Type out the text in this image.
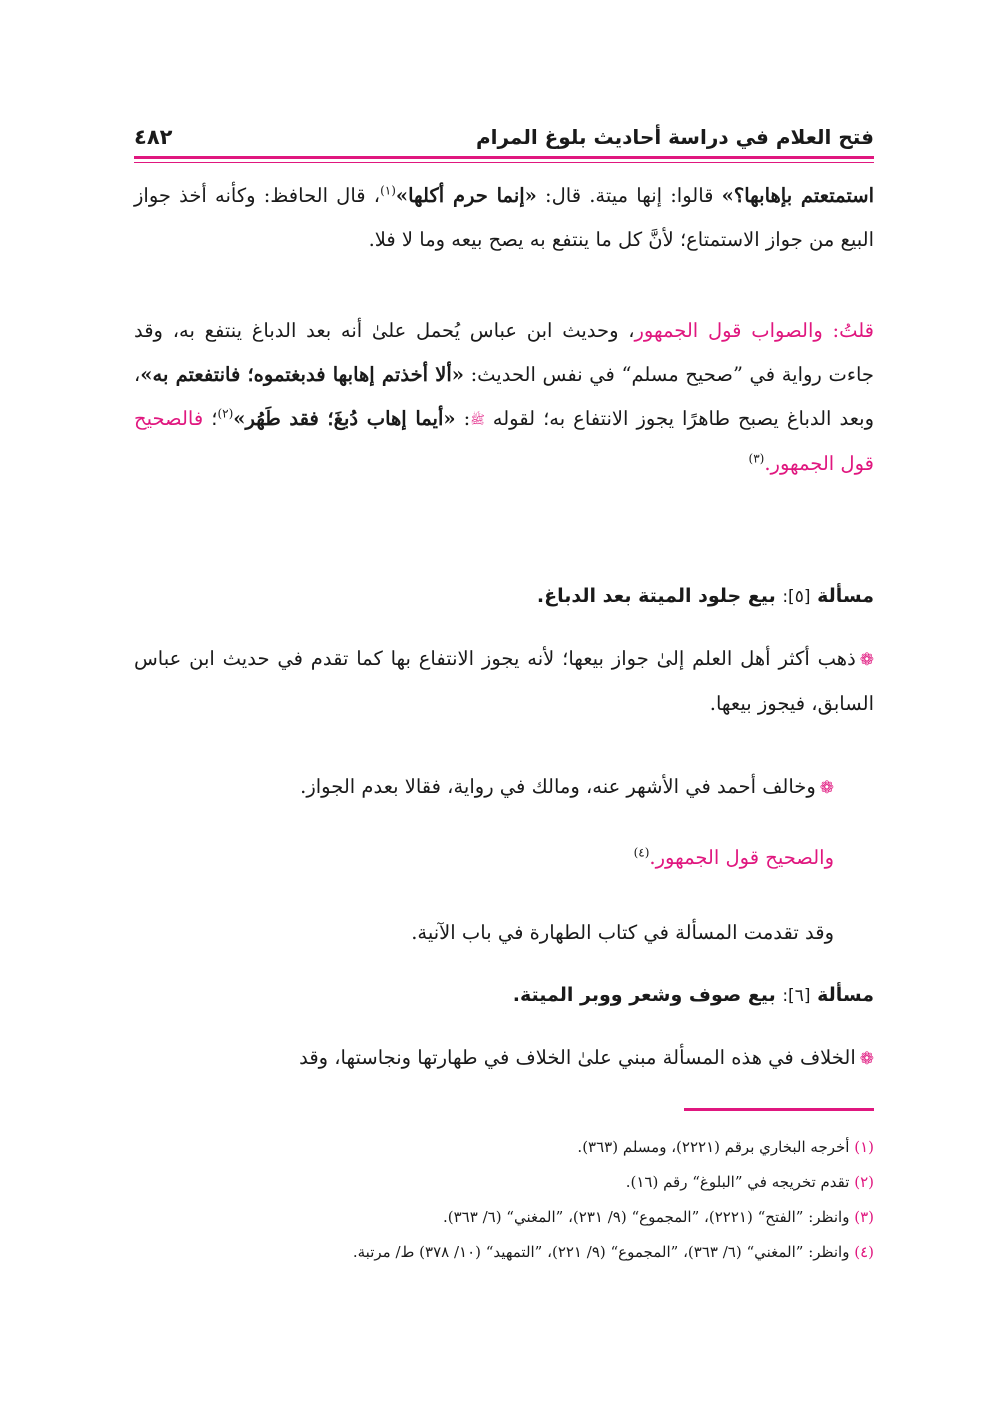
فتح العلام في دراسة أحاديث بلوغ المرام
٤٨٢

استمتعتم بإهابها؟» قالوا: إنها ميتة. قال: «إنما حرم أكلها»$^{(١)}$، قال الحافظ: وكأنه أخذ جواز البيع من جواز الاستمتاع؛ لأنَّ كل ما ينتفع به يصح بيعه وما لا فلا.

قلتُ: والصواب قول الجمهور، وحديث ابن عباس يُحمل علىٰ أنه بعد الدباغ ينتفع به، وقد جاءت رواية في ”صحيح مسلم“ في نفس الحديث: «ألا أخذتم إهابها فدبغتموه؛ فانتفعتم به»، وبعد الدباغ يصبح طاهرًا يجوز الانتفاع به؛ لقوله ﷺ: «أيما إهاب دُبغَ؛ فقد طَهُر»$^{(٢)}$؛ فالصحيح قول الجمهور.$^{(٣)}$

مسألة [٥]: بيع جلود الميتة بعد الدباغ.

❁ذهب أكثر أهل العلم إلىٰ جواز بيعها؛ لأنه يجوز الانتفاع بها كما تقدم في حديث ابن عباس السابق، فيجوز بيعها.

❁وخالف أحمد في الأشهر عنه، ومالك في رواية، فقالا بعدم الجواز.

والصحيح قول الجمهور.$^{(٤)}$

وقد تقدمت المسألة في كتاب الطهارة في باب الآنية.

مسألة [٦]: بيع صوف وشعر ووبر الميتة.

❁الخلاف في هذه المسألة مبني علىٰ الخلاف في طهارتها ونجاستها، وقد

(١) أخرجه البخاري برقم (٢٢٢١)، ومسلم (٣٦٣).

(٢) تقدم تخريجه في ”البلوغ“ رقم (١٦).

(٣) وانظر: ”الفتح“ (٢٢٢١)، ”المجموع“ (٩/ ٢٣١)، ”المغني“ (٦/ ٣٦٣).

(٤) وانظر: ”المغني“ (٦/ ٣٦٣)، ”المجموع“ (٩/ ٢٢١)، ”التمهيد“ (١٠/ ٣٧٨) ط/ مرتبة.
